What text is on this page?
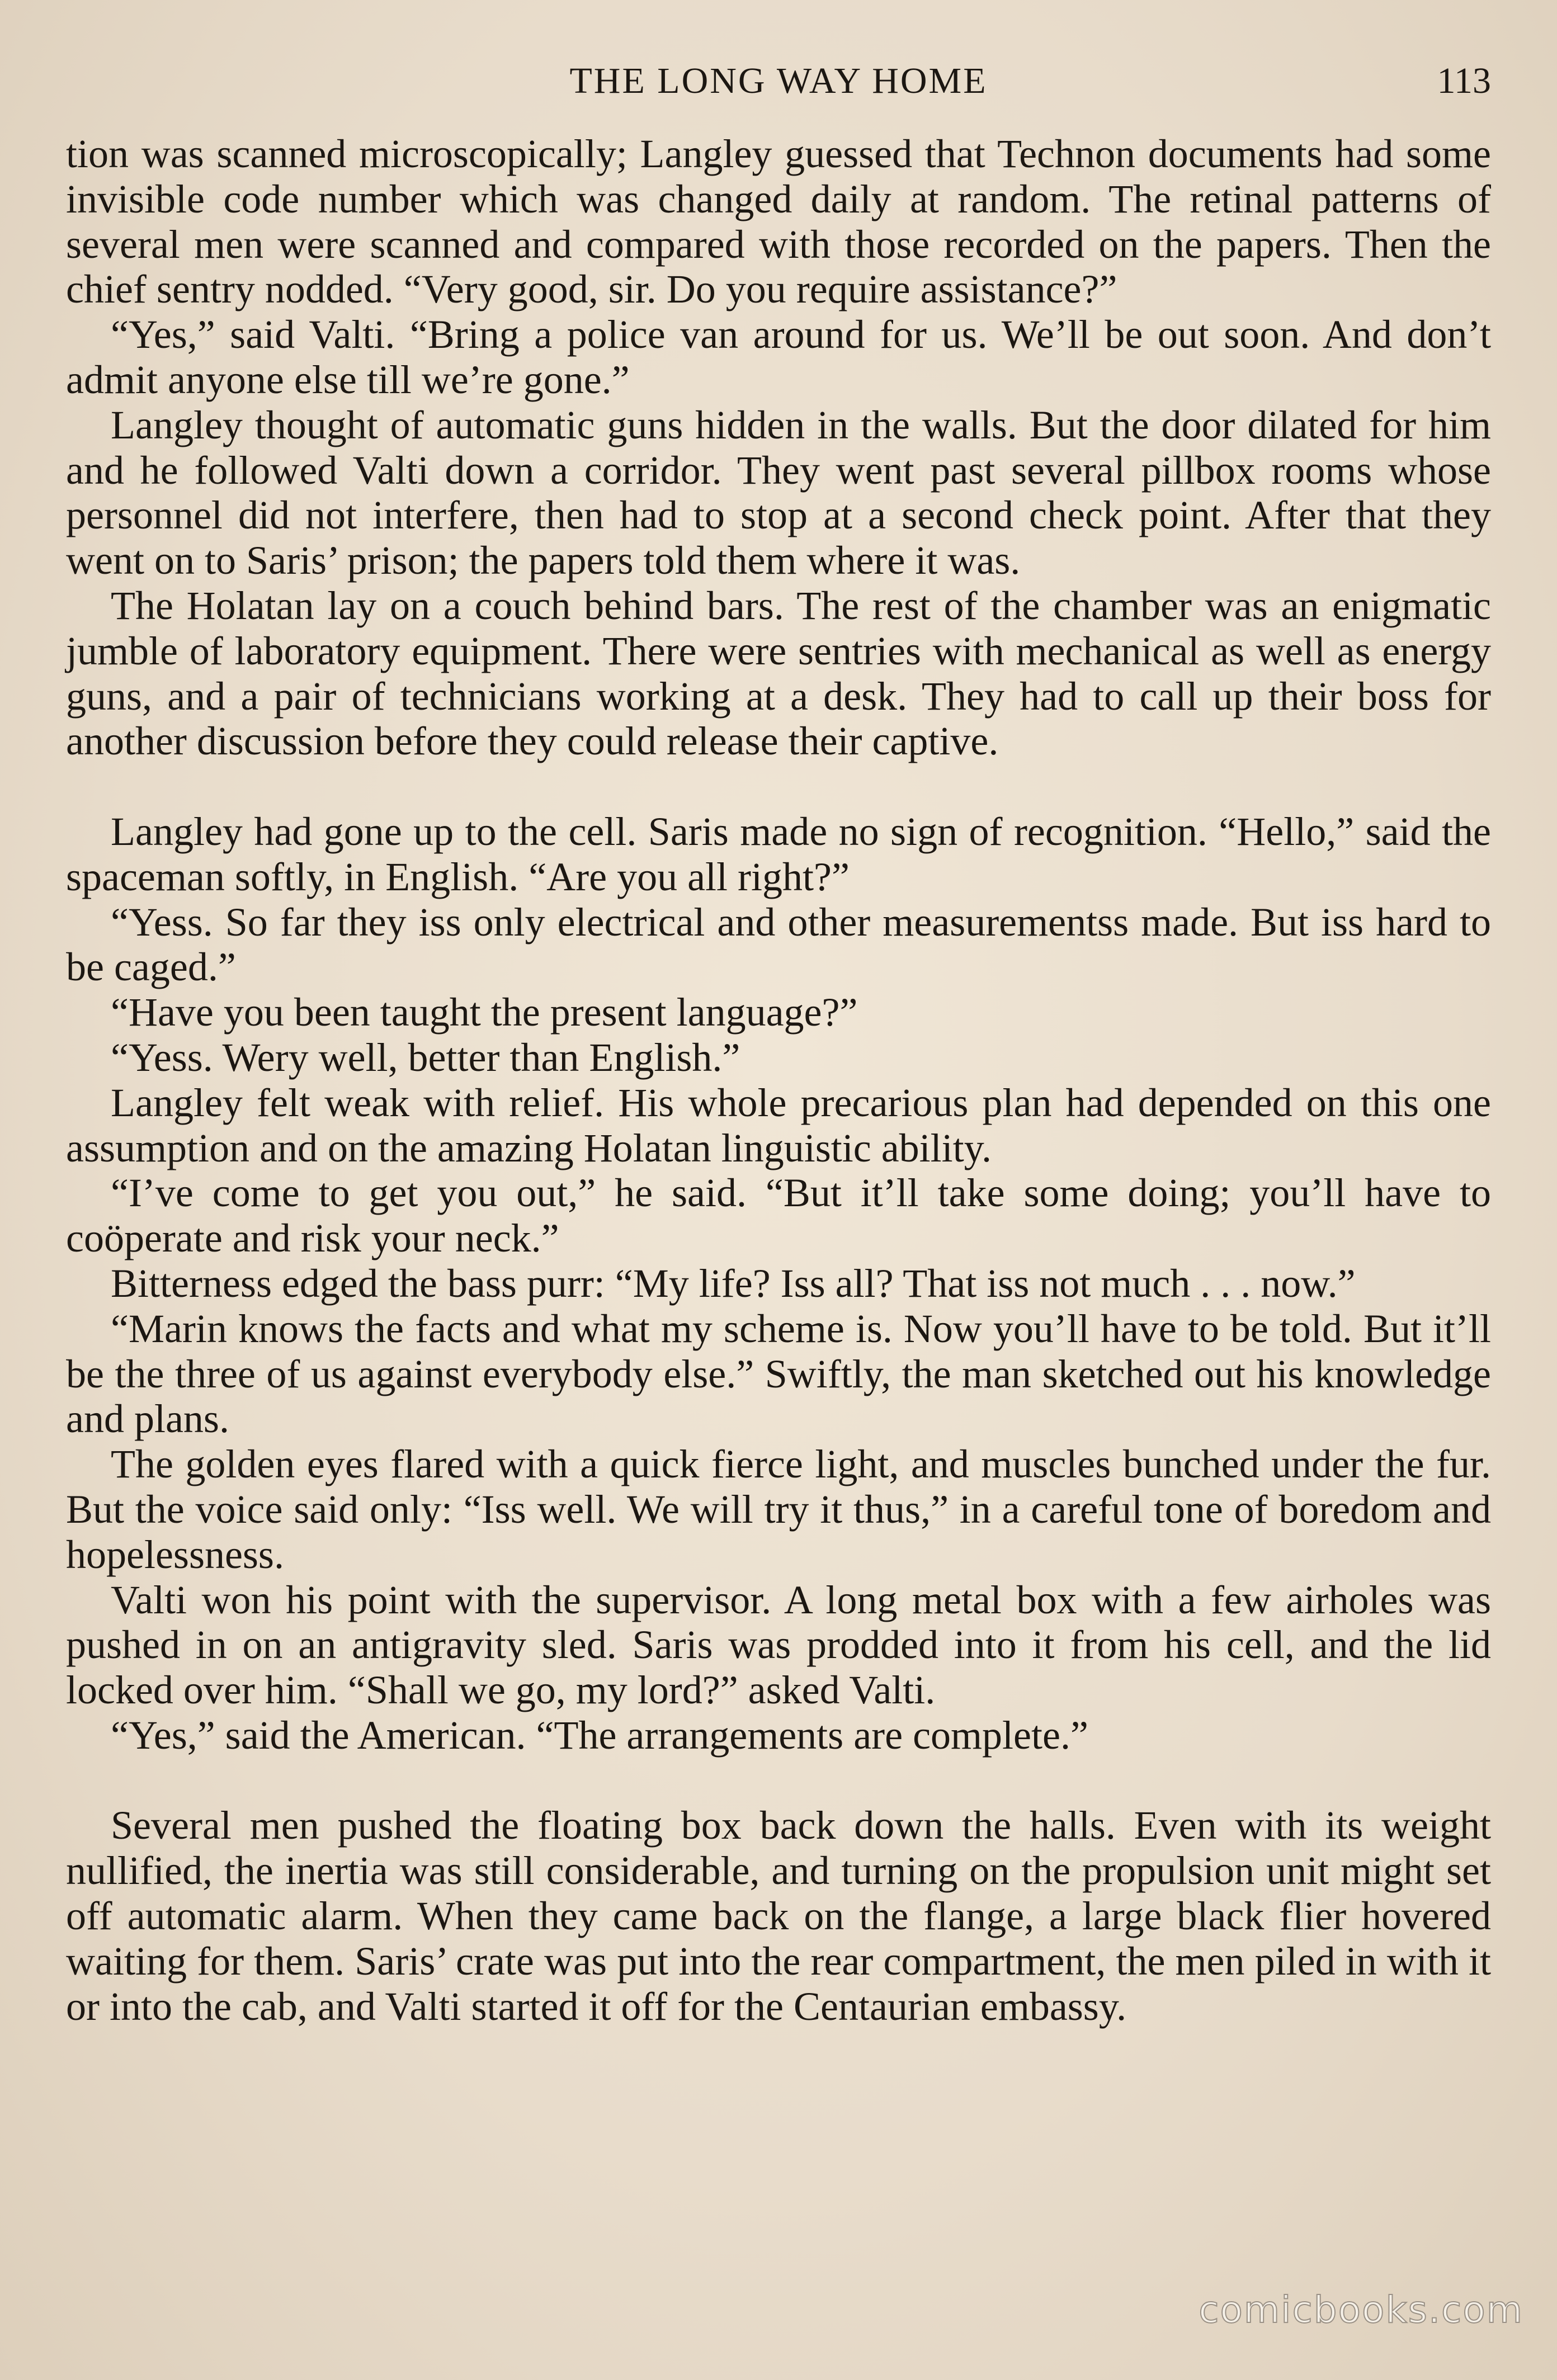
THE LONG WAY HOME	113

tion was scanned microscopically; Langley guessed that Technon documents had some invisible code number which was changed daily at random. The retinal patterns of several men were scanned and compared with those recorded on the papers. Then the chief sentry nodded. “Very good, sir. Do you require assistance?”

“Yes,” said Valti. “Bring a police van around for us. We’ll be out soon. And don’t admit anyone else till we’re gone.”

Langley thought of automatic guns hidden in the walls. But the door dilated for him and he followed Valti down a corridor. They went past several pillbox rooms whose personnel did not interfere, then had to stop at a second check point. After that they went on to Saris’ prison; the papers told them where it was.

The Holatan lay on a couch behind bars. The rest of the chamber was an enigmatic jumble of laboratory equipment. There were sentries with mechanical as well as energy guns, and a pair of technicians working at a desk. They had to call up their boss for another discussion before they could release their captive.

Langley had gone up to the cell. Saris made no sign of recognition. “Hello,” said the spaceman softly, in English. “Are you all right?”

“Yess. So far they iss only electrical and other measurementss made. But iss hard to be caged.”

“Have you been taught the present language?”

“Yess. Wery well, better than English.”

Langley felt weak with relief. His whole precarious plan had depended on this one assumption and on the amazing Holatan linguistic ability.

“I’ve come to get you out,” he said. “But it’ll take some doing; you’ll have to coöperate and risk your neck.”

Bitterness edged the bass purr: “My life? Iss all? That iss not much . . . now.”

“Marin knows the facts and what my scheme is. Now you’ll have to be told. But it’ll be the three of us against everybody else.” Swiftly, the man sketched out his knowledge and plans.

The golden eyes flared with a quick fierce light, and muscles bunched under the fur. But the voice said only: “Iss well. We will try it thus,” in a careful tone of boredom and hopelessness.

Valti won his point with the supervisor. A long metal box with a few airholes was pushed in on an antigravity sled. Saris was prodded into it from his cell, and the lid locked over him. “Shall we go, my lord?” asked Valti.

“Yes,” said the American. “The arrangements are complete.”

Several men pushed the floating box back down the halls. Even with its weight nullified, the inertia was still considerable, and turning on the propulsion unit might set off automatic alarm. When they came back on the flange, a large black flier hovered waiting for them. Saris’ crate was put into the rear compartment, the men piled in with it or into the cab, and Valti started it off for the Centaurian embassy.

comicbooks.com
